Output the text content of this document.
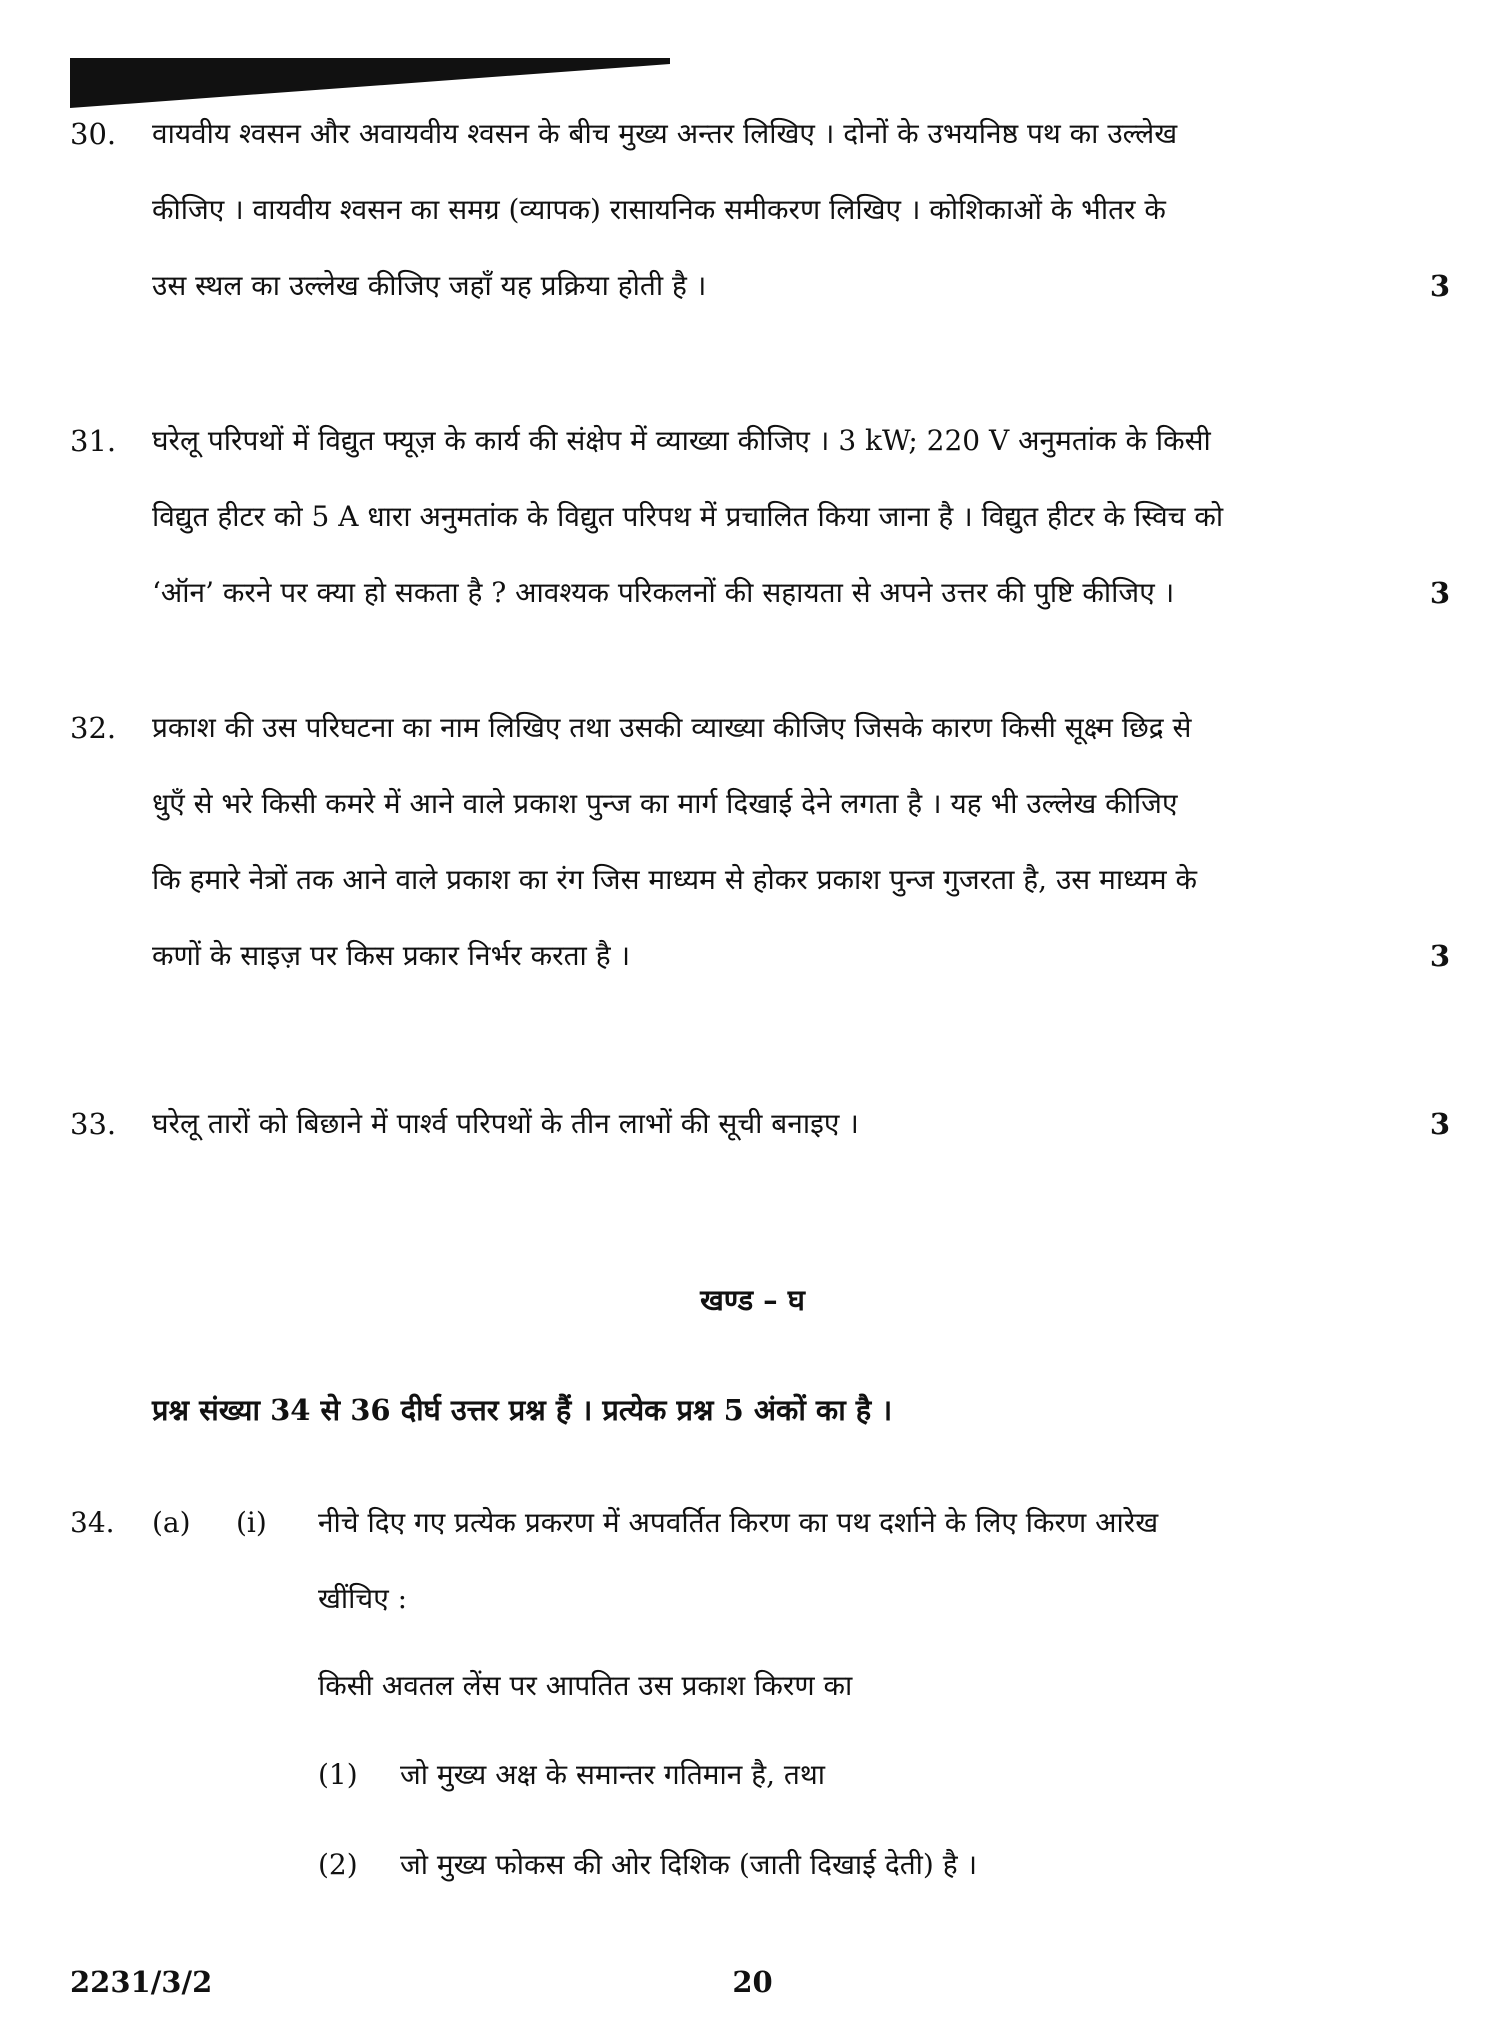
30. वायवीय श्वसन और अवायवीय श्वसन के बीच मुख्य अन्तर लिखिए । दोनों के उभयनिष्ठ पथ का उल्लेख
कीजिए । वायवीय श्वसन का समग्र (व्यापक) रासायनिक समीकरण लिखिए । कोशिकाओं के भीतर के
उस स्थल का उल्लेख कीजिए जहाँ यह प्रक्रिया होती है ।	3
31. घरेलू परिपथों में विद्युत फ्यूज़ के कार्य की संक्षेप में व्याख्या कीजिए । 3 kW; 220 V अनुमतांक के किसी
विद्युत हीटर को 5 A धारा अनुमतांक के विद्युत परिपथ में प्रचालित किया जाना है । विद्युत हीटर के स्विच को
‘ऑन’ करने पर क्या हो सकता है ? आवश्यक परिकलनों की सहायता से अपने उत्तर की पुष्टि कीजिए ।	3
32. प्रकाश की उस परिघटना का नाम लिखिए तथा उसकी व्याख्या कीजिए जिसके कारण किसी सूक्ष्म छिद्र से
धुएँ से भरे किसी कमरे में आने वाले प्रकाश पुन्ज का मार्ग दिखाई देने लगता है । यह भी उल्लेख कीजिए
कि हमारे नेत्रों तक आने वाले प्रकाश का रंग जिस माध्यम से होकर प्रकाश पुन्ज गुजरता है, उस माध्यम के
कणों के साइज़ पर किस प्रकार निर्भर करता है ।	3
33. घरेलू तारों को बिछाने में पार्श्व परिपथों के तीन लाभों की सूची बनाइए ।	3
खण्ड – घ
प्रश्न संख्या 34 से 36 दीर्घ उत्तर प्रश्न हैं । प्रत्येक प्रश्न 5 अंकों का है ।
34. (a) (i) नीचे दिए गए प्रत्येक प्रकरण में अपवर्तित किरण का पथ दर्शाने के लिए किरण आरेख
खींचिए :
किसी अवतल लेंस पर आपतित उस प्रकाश किरण का
(1) जो मुख्य अक्ष के समान्तर गतिमान है, तथा
(2) जो मुख्य फोकस की ओर दिशिक (जाती दिखाई देती) है ।
2231/3/2	20
